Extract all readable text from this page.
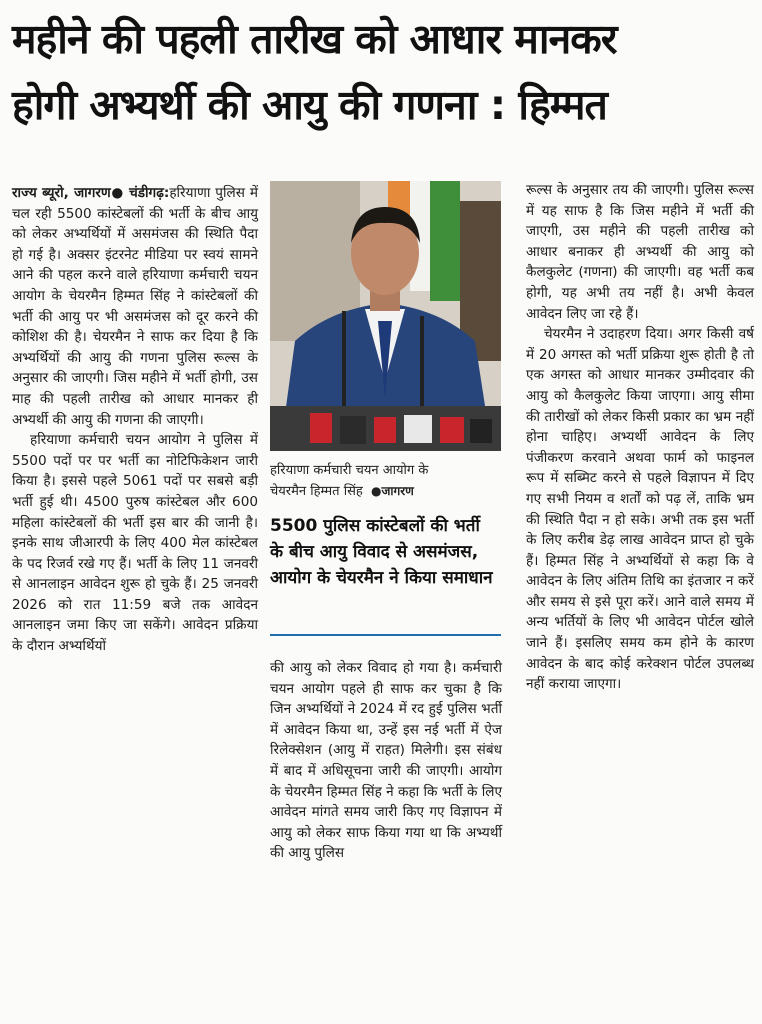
महीने की पहली तारीख को आधार मानकर
होगी अभ्यर्थी की आयु की गणना : हिम्मत

राज्य ब्यूरो, जागरण● चंडीगढ़:हरियाणा पुलिस में चल रही 5500 कांस्टेबलों की भर्ती के बीच आयु को लेकर अभ्यर्थियों में असमंजस की स्थिति पैदा हो गई है। अक्सर इंटरनेट मीडिया पर स्वयं सामने आने की पहल करने वाले हरियाणा कर्मचारी चयन आयोग के चेयरमैन हिम्मत सिंह ने कांस्टेबलों की भर्ती की आयु पर भी असमंजस को दूर करने की कोशिश की है। चेयरमैन ने साफ कर दिया है कि अभ्यर्थियों की आयु की गणना पुलिस रूल्स के अनुसार की जाएगी। जिस महीने में भर्ती होगी, उस माह की पहली तारीख को आधार मानकर ही अभ्यर्थी की आयु की गणना की जाएगी।

हरियाणा कर्मचारी चयन आयोग ने पुलिस में 5500 पदों पर पर भर्ती का नोटिफिकेशन जारी किया है। इससे पहले 5061 पदों पर सबसे बड़ी भर्ती हुई थी। 4500 पुरुष कांस्टेबल और 600 महिला कांस्टेबलों की भर्ती इस बार की जानी है। इनके साथ जीआरपी के लिए 400 मेल कांस्टेबल के पद रिजर्व रखे गए हैं। भर्ती के लिए 11 जनवरी से आनलाइन आवेदन शुरू हो चुके हैं। 25 जनवरी 2026 को रात 11:59 बजे तक आवेदन आनलाइन जमा किए जा सकेंगे। आवेदन प्रक्रिया के दौरान अभ्यर्थियों

हरियाणा कर्मचारी चयन आयोग के
चेयरमैन हिम्मत सिंह ●जागरण
5500 पुलिस कांस्टेबलों की भर्ती के बीच आयु विवाद से असमंजस, आयोग के चेयरमैन ने किया समाधान

की आयु को लेकर विवाद हो गया है। कर्मचारी चयन आयोग पहले ही साफ कर चुका है कि जिन अभ्यर्थियों ने 2024 में रद हुई पुलिस भर्ती में आवेदन किया था, उन्हें इस नई भर्ती में ऐज रिलेक्सेशन (आयु में राहत) मिलेगी। इस संबंध में बाद में अधिसूचना जारी की जाएगी। आयोग के चेयरमैन हिम्मत सिंह ने कहा कि भर्ती के लिए आवेदन मांगते समय जारी किए गए विज्ञापन में आयु को लेकर साफ किया गया था कि अभ्यर्थी की आयु पुलिस

रूल्स के अनुसार तय की जाएगी। पुलिस रूल्स में यह साफ है कि जिस महीने में भर्ती की जाएगी, उस महीने की पहली तारीख को आधार बनाकर ही अभ्यर्थी की आयु को कैलकुलेट (गणना) की जाएगी। वह भर्ती कब होगी, यह अभी तय नहीं है। अभी केवल आवेदन लिए जा रहे हैं।

चेयरमैन ने उदाहरण दिया। अगर किसी वर्ष में 20 अगस्त को भर्ती प्रक्रिया शुरू होती है तो एक अगस्त को आधार मानकर उम्मीदवार की आयु को कैलकुलेट किया जाएगा। आयु सीमा की तारीखों को लेकर किसी प्रकार का भ्रम नहीं होना चाहिए। अभ्यर्थी आवेदन के लिए पंजीकरण करवाने अथवा फार्म को फाइनल रूप में सब्मिट करने से पहले विज्ञापन में दिए गए सभी नियम व शर्तों को पढ़ लें, ताकि भ्रम की स्थिति पैदा न हो सके। अभी तक इस भर्ती के लिए करीब डेढ़ लाख आवेदन प्राप्त हो चुके हैं। हिम्मत सिंह ने अभ्यर्थियों से कहा कि वे आवेदन के लिए अंतिम तिथि का इंतजार न करें और समय से इसे पूरा करें। आने वाले समय में अन्य भर्तियों के लिए भी आवेदन पोर्टल खोले जाने हैं। इसलिए समय कम होने के कारण आवेदन के बाद कोई करेक्शन पोर्टल उपलब्ध नहीं कराया जाएगा।
